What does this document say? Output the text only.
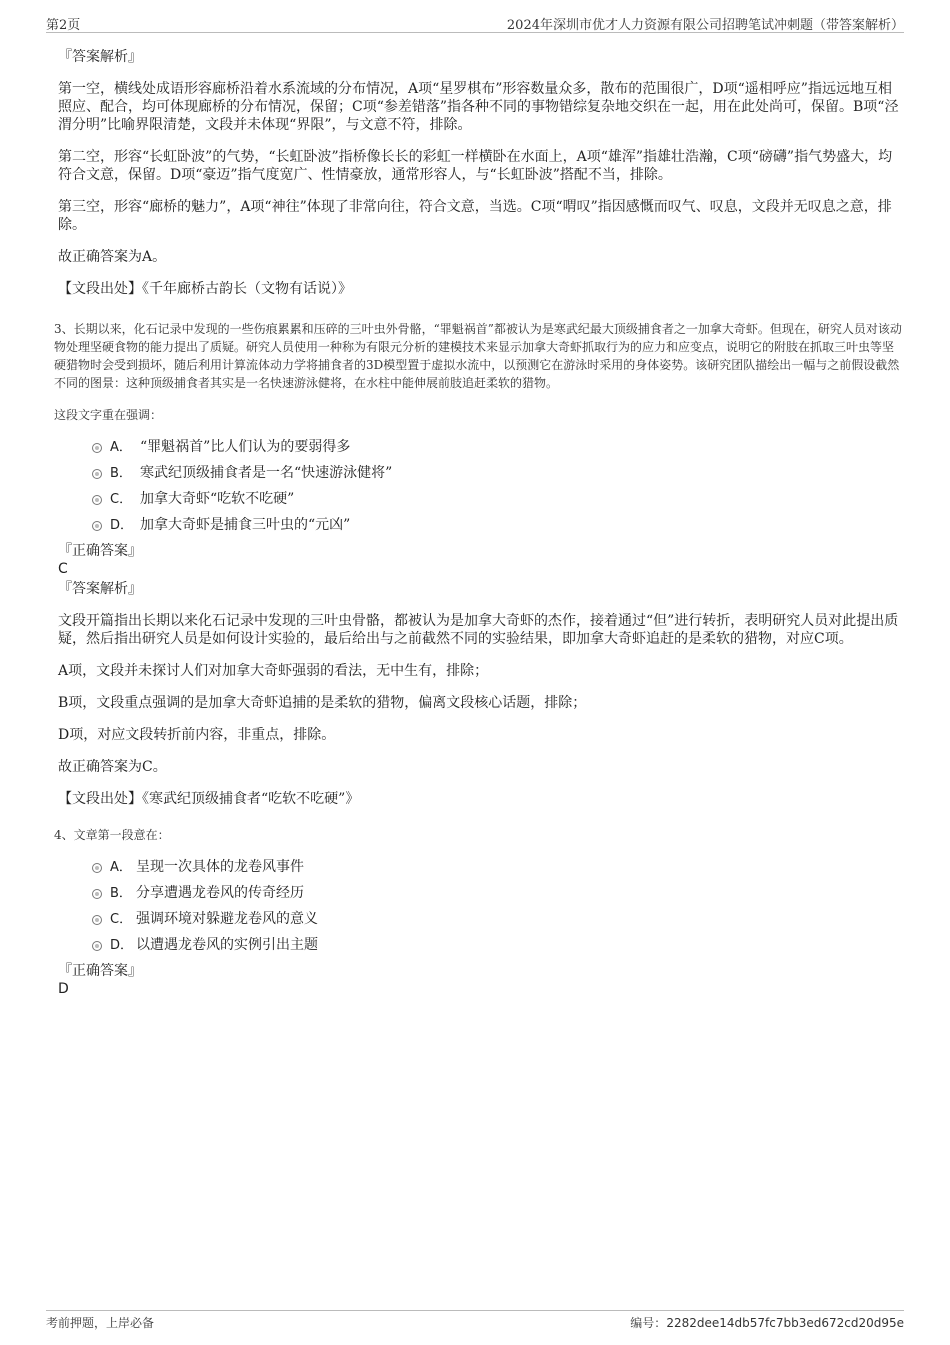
第2页	2024年深圳市优才人力资源有限公司招聘笔试冲刺题（带答案解析）
『答案解析』

第一空，横线处成语形容廊桥沿着水系流域的分布情况，A项“星罗棋布”形容数量众多，散布的范围很广，D项“遥相呼应”指远远地互相照应、配合，均可体现廊桥的分布情况，保留；C项“参差错落”指各种不同的事物错综复杂地交织在一起，用在此处尚可，保留。B项“泾渭分明”比喻界限清楚，文段并未体现“界限”，与文意不符，排除。

第二空，形容“长虹卧波”的气势，“长虹卧波”指桥像长长的彩虹一样横卧在水面上，A项“雄浑”指雄壮浩瀚，C项“磅礴”指气势盛大，均符合文意，保留。D项“豪迈”指气度宽广、性情豪放，通常形容人，与“长虹卧波”搭配不当，排除。

第三空，形容“廊桥的魅力”，A项“神往”体现了非常向往，符合文意，当选。C项“喟叹”指因感慨而叹气、叹息，文段并无叹息之意，排除。

故正确答案为A。

【文段出处】《千年廊桥古韵长（文物有话说）》

3、长期以来，化石记录中发现的一些伤痕累累和压碎的三叶虫外骨骼，“罪魁祸首”都被认为是寒武纪最大顶级捕食者之一加拿大奇虾。但现在，研究人员对该动物处理坚硬食物的能力提出了质疑。研究人员使用一种称为有限元分析的建模技术来显示加拿大奇虾抓取行为的应力和应变点，说明它的附肢在抓取三叶虫等坚硬猎物时会受到损坏，随后利用计算流体动力学将捕食者的3D模型置于虚拟水流中，以预测它在游泳时采用的身体姿势。该研究团队描绘出一幅与之前假设截然不同的图景：这种顶级捕食者其实是一名快速游泳健将，在水柱中能伸展前肢追赶柔软的猎物。

这段文字重在强调：

A． “罪魁祸首”比人们认为的要弱得多
B． 寒武纪顶级捕食者是一名“快速游泳健将”
C． 加拿大奇虾“吃软不吃硬”
D． 加拿大奇虾是捕食三叶虫的“元凶”
『正确答案』
C
『答案解析』

文段开篇指出长期以来化石记录中发现的三叶虫骨骼，都被认为是加拿大奇虾的杰作，接着通过“但”进行转折，表明研究人员对此提出质疑，然后指出研究人员是如何设计实验的，最后给出与之前截然不同的实验结果，即加拿大奇虾追赶的是柔软的猎物，对应C项。

A项，文段并未探讨人们对加拿大奇虾强弱的看法，无中生有，排除；

B项，文段重点强调的是加拿大奇虾追捕的是柔软的猎物，偏离文段核心话题，排除；

D项，对应文段转折前内容，非重点，排除。

故正确答案为C。

【文段出处】《寒武纪顶级捕食者“吃软不吃硬”》

4、文章第一段意在：

A． 呈现一次具体的龙卷风事件
B． 分享遭遇龙卷风的传奇经历
C． 强调环境对躲避龙卷风的意义
D． 以遭遇龙卷风的实例引出主题
『正确答案』
D
考前押题，上岸必备	编号：2282dee14db57fc7bb3ed672cd20d95e
